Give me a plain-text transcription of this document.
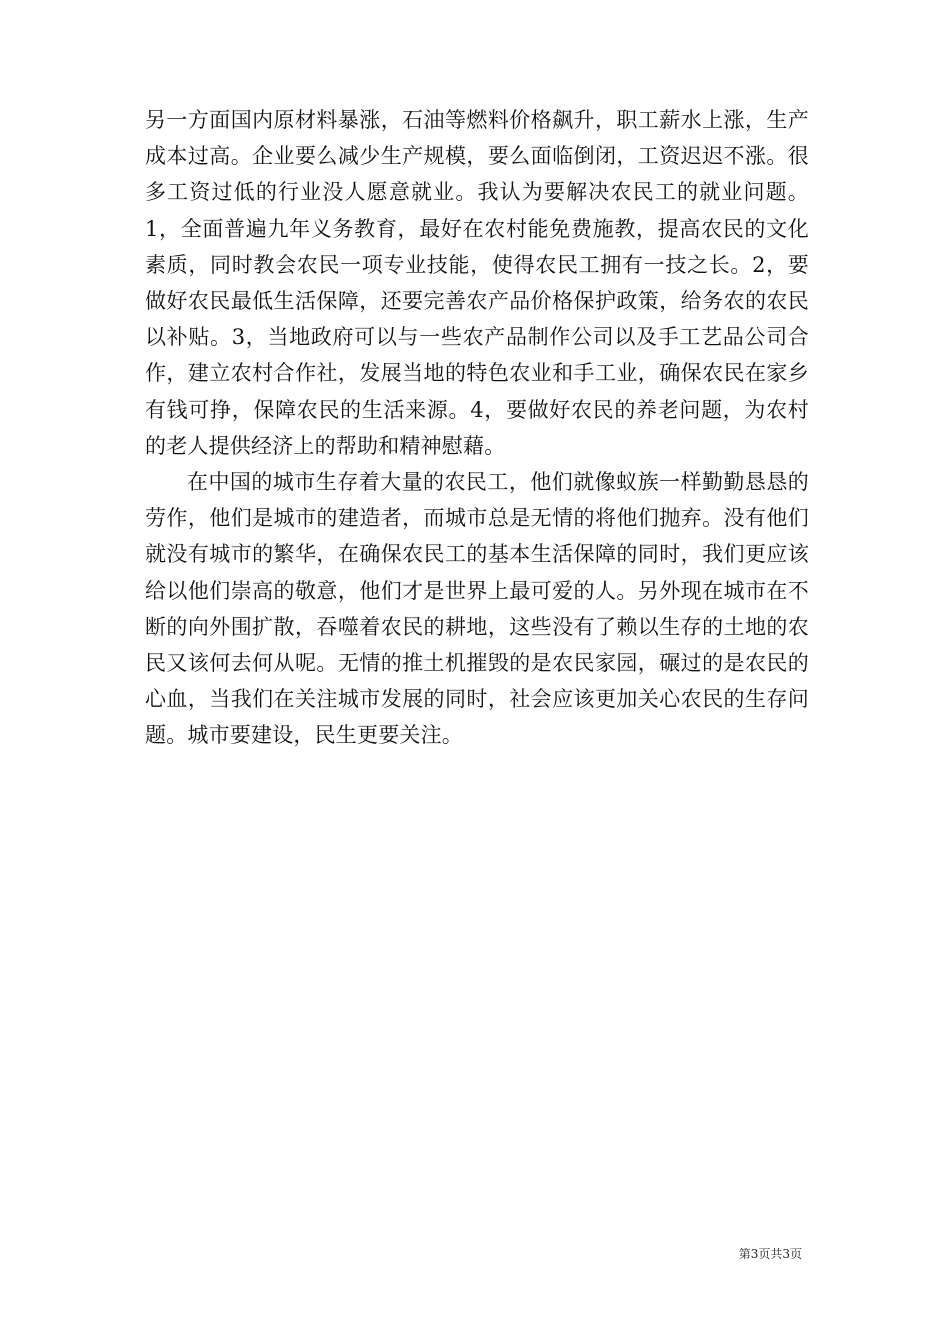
另一方面国内原材料暴涨，石油等燃料价格飙升，职工薪水上涨，生产成本过高。企业要么减少生产规模，要么面临倒闭，工资迟迟不涨。很多工资过低的行业没人愿意就业。我认为要解决农民工的就业问题。1，全面普遍九年义务教育，最好在农村能免费施教，提高农民的文化素质，同时教会农民一项专业技能，使得农民工拥有一技之长。2，要做好农民最低生活保障，还要完善农产品价格保护政策，给务农的农民以补贴。3，当地政府可以与一些农产品制作公司以及手工艺品公司合作，建立农村合作社，发展当地的特色农业和手工业，确保农民在家乡有钱可挣，保障农民的生活来源。4，要做好农民的养老问题，为农村的老人提供经济上的帮助和精神慰藉。

在中国的城市生存着大量的农民工，他们就像蚁族一样勤勤恳恳的劳作，他们是城市的建造者，而城市总是无情的将他们抛弃。没有他们就没有城市的繁华，在确保农民工的基本生活保障的同时，我们更应该给以他们崇高的敬意，他们才是世界上最可爱的人。另外现在城市在不断的向外围扩散，吞噬着农民的耕地，这些没有了赖以生存的土地的农民又该何去何从呢。无情的推土机摧毁的是农民家园，碾过的是农民的心血，当我们在关注城市发展的同时，社会应该更加关心农民的生存问题。城市要建设，民生更要关注。

第3页共3页
